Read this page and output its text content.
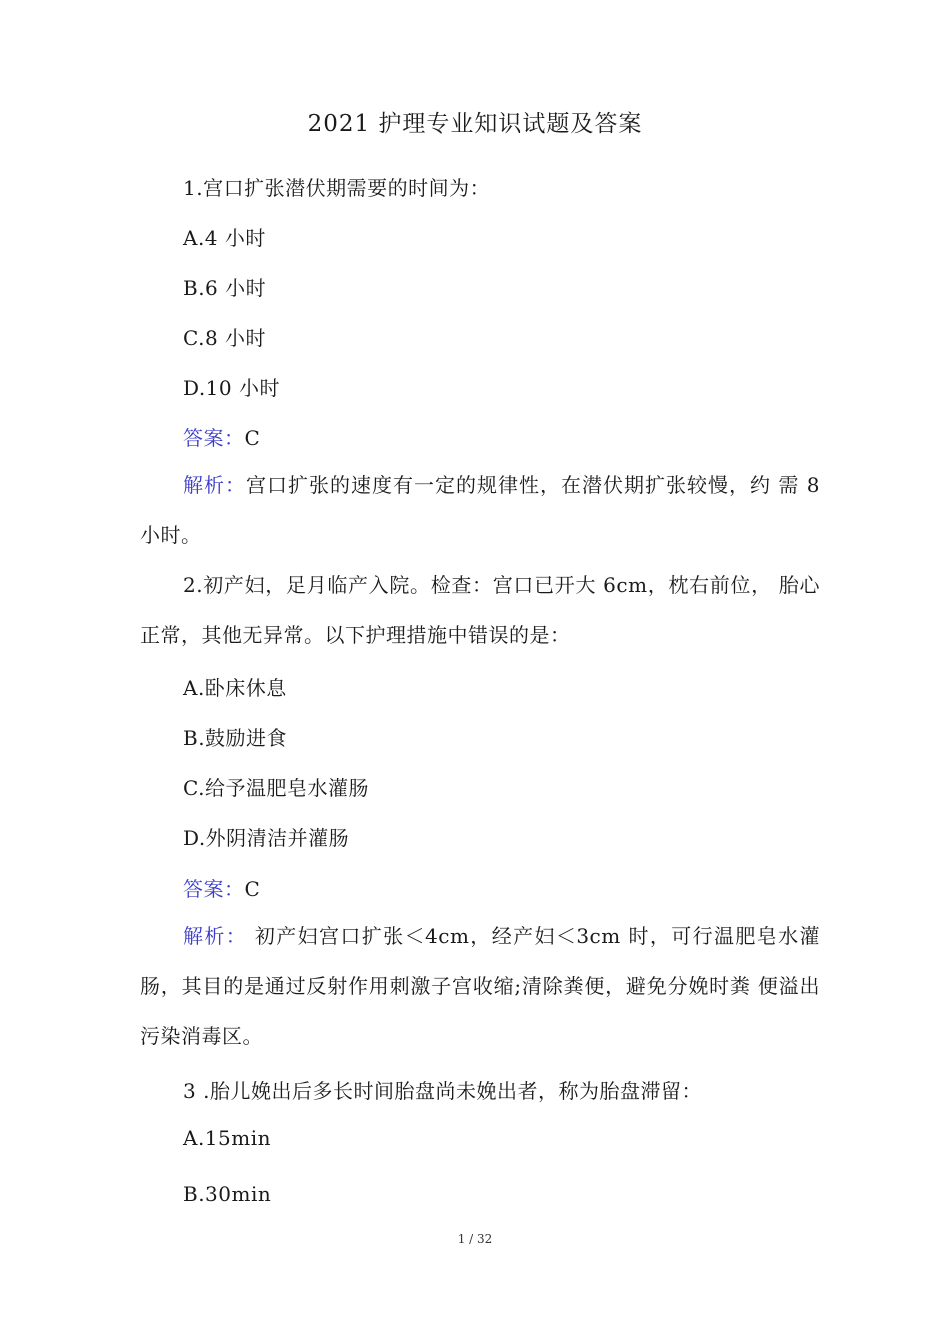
2021 护理专业知识试题及答案
1.宫口扩张潜伏期需要的时间为：
A.4 小时
B.6 小时
C.8 小时
D.10 小时
答案：C
解析：宫口扩张的速度有一定的规律性，在潜伏期扩张较慢，约 需 8 小时。
2.初产妇，足月临产入院。检查：宫口已开大 6cm，枕右前位， 胎心正常，其他无异常。以下护理措施中错误的是：
A.卧床休息
B.鼓励进食
C.给予温肥皂水灌肠
D.外阴清洁并灌肠
答案：C
解析： 初产妇宫口扩张＜4cm，经产妇＜3cm 时，可行温肥皂水灌肠，其目的是通过反射作用刺激子宫收缩;清除粪便，避免分娩时粪 便溢出污染消毒区。
3 .胎儿娩出后多长时间胎盘尚未娩出者，称为胎盘滞留：
A.15min
B.30min
1 / 32
